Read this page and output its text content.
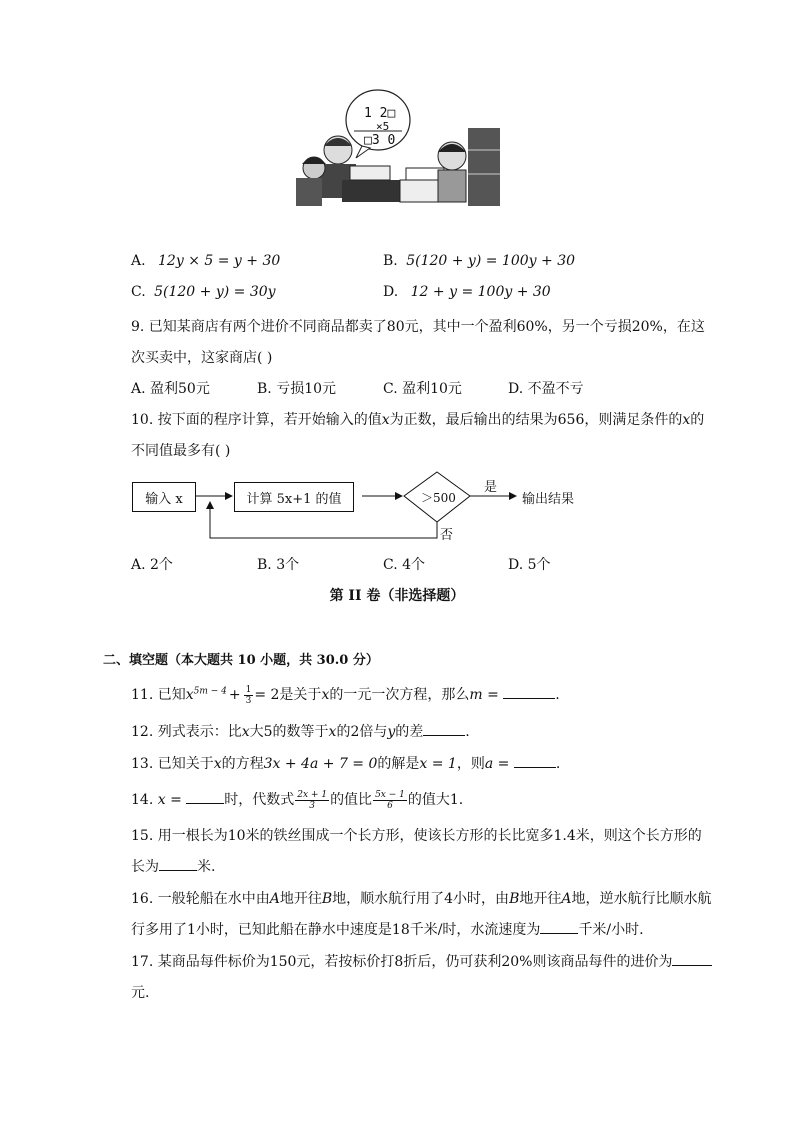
1 2□
×5
□3 0
A. 12y × 5 = y + 30	B. 5(120 + y) = 100y + 30
C. 5(120 + y) = 30y	D. 12 + y = 100y + 30
9. 已知某商店有两个进价不同商品都卖了80元，其中一个盈利60%，另一个亏损20%，在这
次买卖中，这家商店( )
A. 盈利50元	B. 亏损10元	C. 盈利10元	D. 不盈不亏
10. 按下面的程序计算，若开始输入的值x为正数，最后输出的结果为656，则满足条件的x的
不同值最多有( )
输入 x	计算 5x+1 的值	＞500
是
否
输出结果
A. 2个	B. 3个	C. 4个	D. 5个
第 II 卷（非选择题）
二、填空题（本大题共 10 小题，共 30.0 分）
11. 已知$x^{5m - 4} + \frac{1}{3} = 2$是关于x的一元一次方程，那么m =	.
12. 列式表示：比x大5的数等于x的2倍与y的差	.
13. 已知关于x的方程3x + 4a + 7 = 0的解是x = 1，则a =	.
14. x =	时，代数式 $\frac{2x + 1}{3}$ 的值比 $\frac{5x - 1}{6}$ 的值大1.
15. 用一根长为10米的铁丝围成一个长方形，使该长方形的长比宽多1.4米，则这个长方形的
长为	米.
16. 一般轮船在水中由A地开往B地，顺水航行用了4小时，由B地开往A地，逆水航行比顺水航
行多用了1小时，已知此船在静水中速度是18千米/时，水流速度为	千米/小时.
17. 某商品每件标价为150元，若按标价打8折后，仍可获利20%则该商品每件的进价为
元.
